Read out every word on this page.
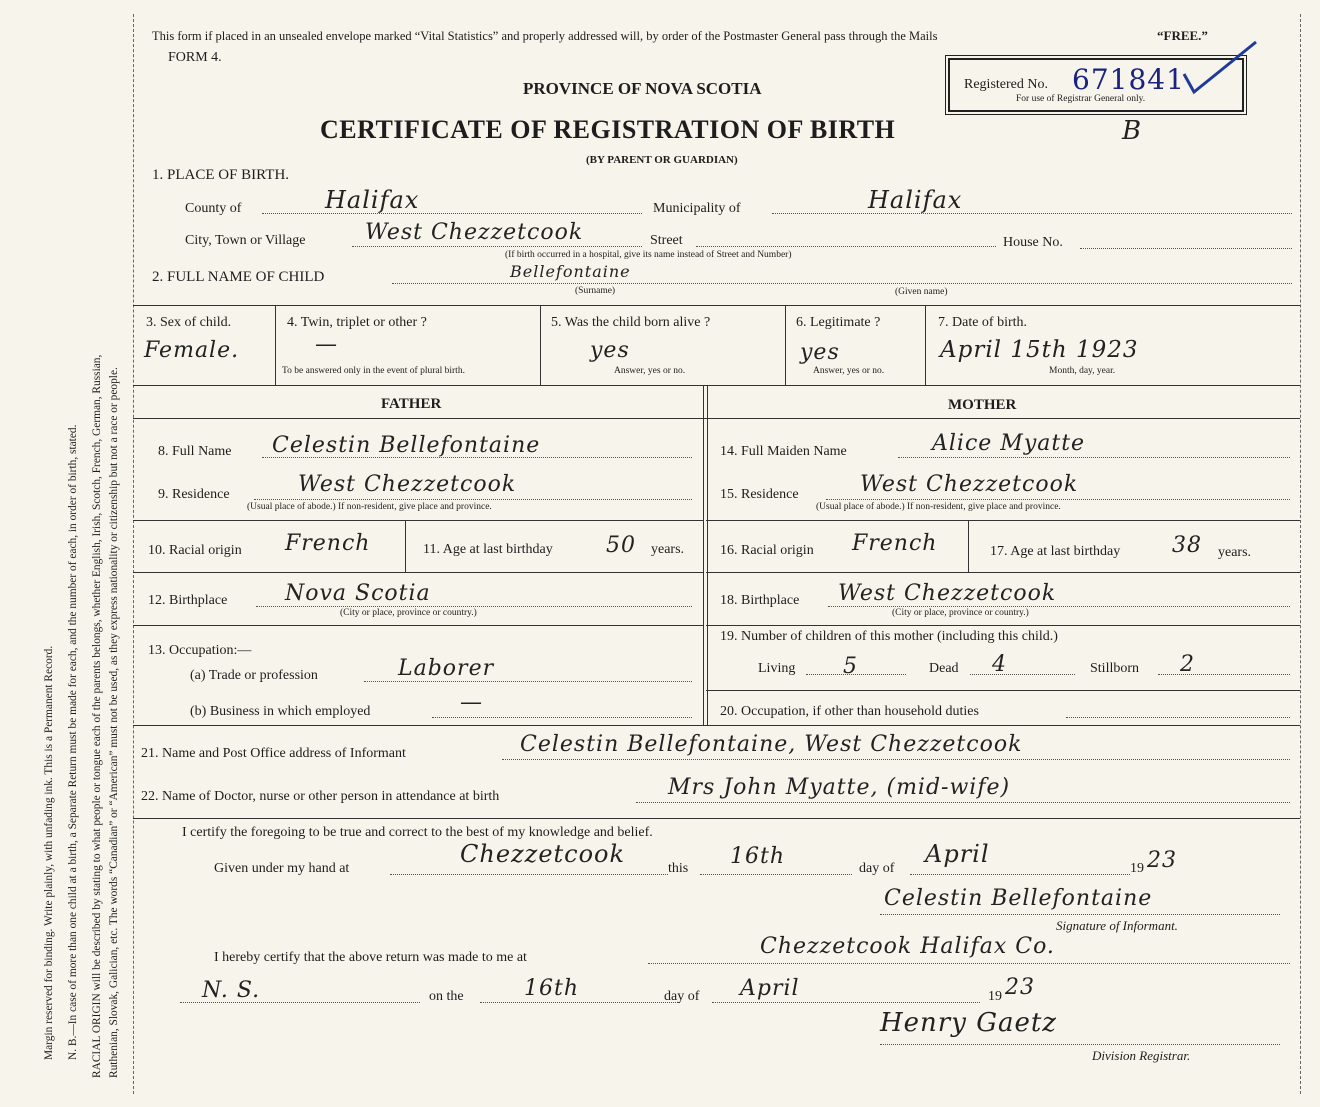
Margin reserved for binding. Write plainly, with unfading ink. This is a Permanent Record. N. B.—In case of more than one child at a birth, a Separate Return must be made for each, and the number of each, in order of birth, stated. RACIAL ORIGIN will be described by stating to what people or tongue each of the parents belongs, whether English, Irish, Scotch, French, German, Russian, Ruthenian, Slovak, Galician, etc. The words “Canadian” or “American” must not be used, as they express nationality or citizenship but not a race or people.
This form if placed in an unsealed envelope marked “Vital Statistics” and properly addressed will, by order of the Postmaster General pass through the Mails	“FREE.”
FORM 4.
PROVINCE OF NOVA SCOTIA
CERTIFICATE OF REGISTRATION OF BIRTH
(BY PARENT OR GUARDIAN)
B
Registered No. 671841
For use of Registrar General only.
1. PLACE OF BIRTH.
County of	Halifax	Municipality of	Halifax
City, Town or Village	West Chezzetcook	Street	House No.
(If birth occurred in a hospital, give its name instead of Street and Number)
2. FULL NAME OF CHILD	Bellefontaine
(Surname)	(Given name)
3. Sex of child.
Female.
4. Twin, triplet or other ?
—
To be answered only in the event of plural birth.
5. Was the child born alive ?
yes
Answer, yes or no.
6. Legitimate ?
yes
Answer, yes or no.
7. Date of birth.
April 15th 1923
Month, day, year.
FATHER	MOTHER
8. Full Name Celestin Bellefontaine
9. Residence	West Chezzetcook
(Usual place of abode.) If non-resident, give place and province.
10. Racial origin French	11. Age at last birthday 50 years.
12. Birthplace	Nova Scotia
(City or place, province or country.)
13. Occupation:—
(a) Trade or profession	Laborer
(b) Business in which employed	—
14. Full Maiden Name	Alice Myatte
15. Residence	West Chezzetcook
(Usual place of abode.) If non-resident, give place and province.
16. Racial origin French	17. Age at last birthday 38 years.
18. Birthplace West Chezzetcook
(City or place, province or country.)
19. Number of children of this mother (including this child.)
Living 5	Dead 4	Stillborn 2
20. Occupation, if other than household duties
21. Name and Post Office address of Informant	Celestin Bellefontaine, West Chezzetcook
22. Name of Doctor, nurse or other person in attendance at birth	Mrs John Myatte, (mid-wife)
I certify the foregoing to be true and correct to the best of my knowledge and belief.
Given under my hand at
Chezzetcook
this 16th	day of
April
19 23
Celestin Bellefontaine
Signature of Informant.
I hereby certify that the above return was made to me at	Chezzetcook Halifax Co.
N. S.	on the	16th	day of April	19 23
Henry Gaetz
Division Registrar.
